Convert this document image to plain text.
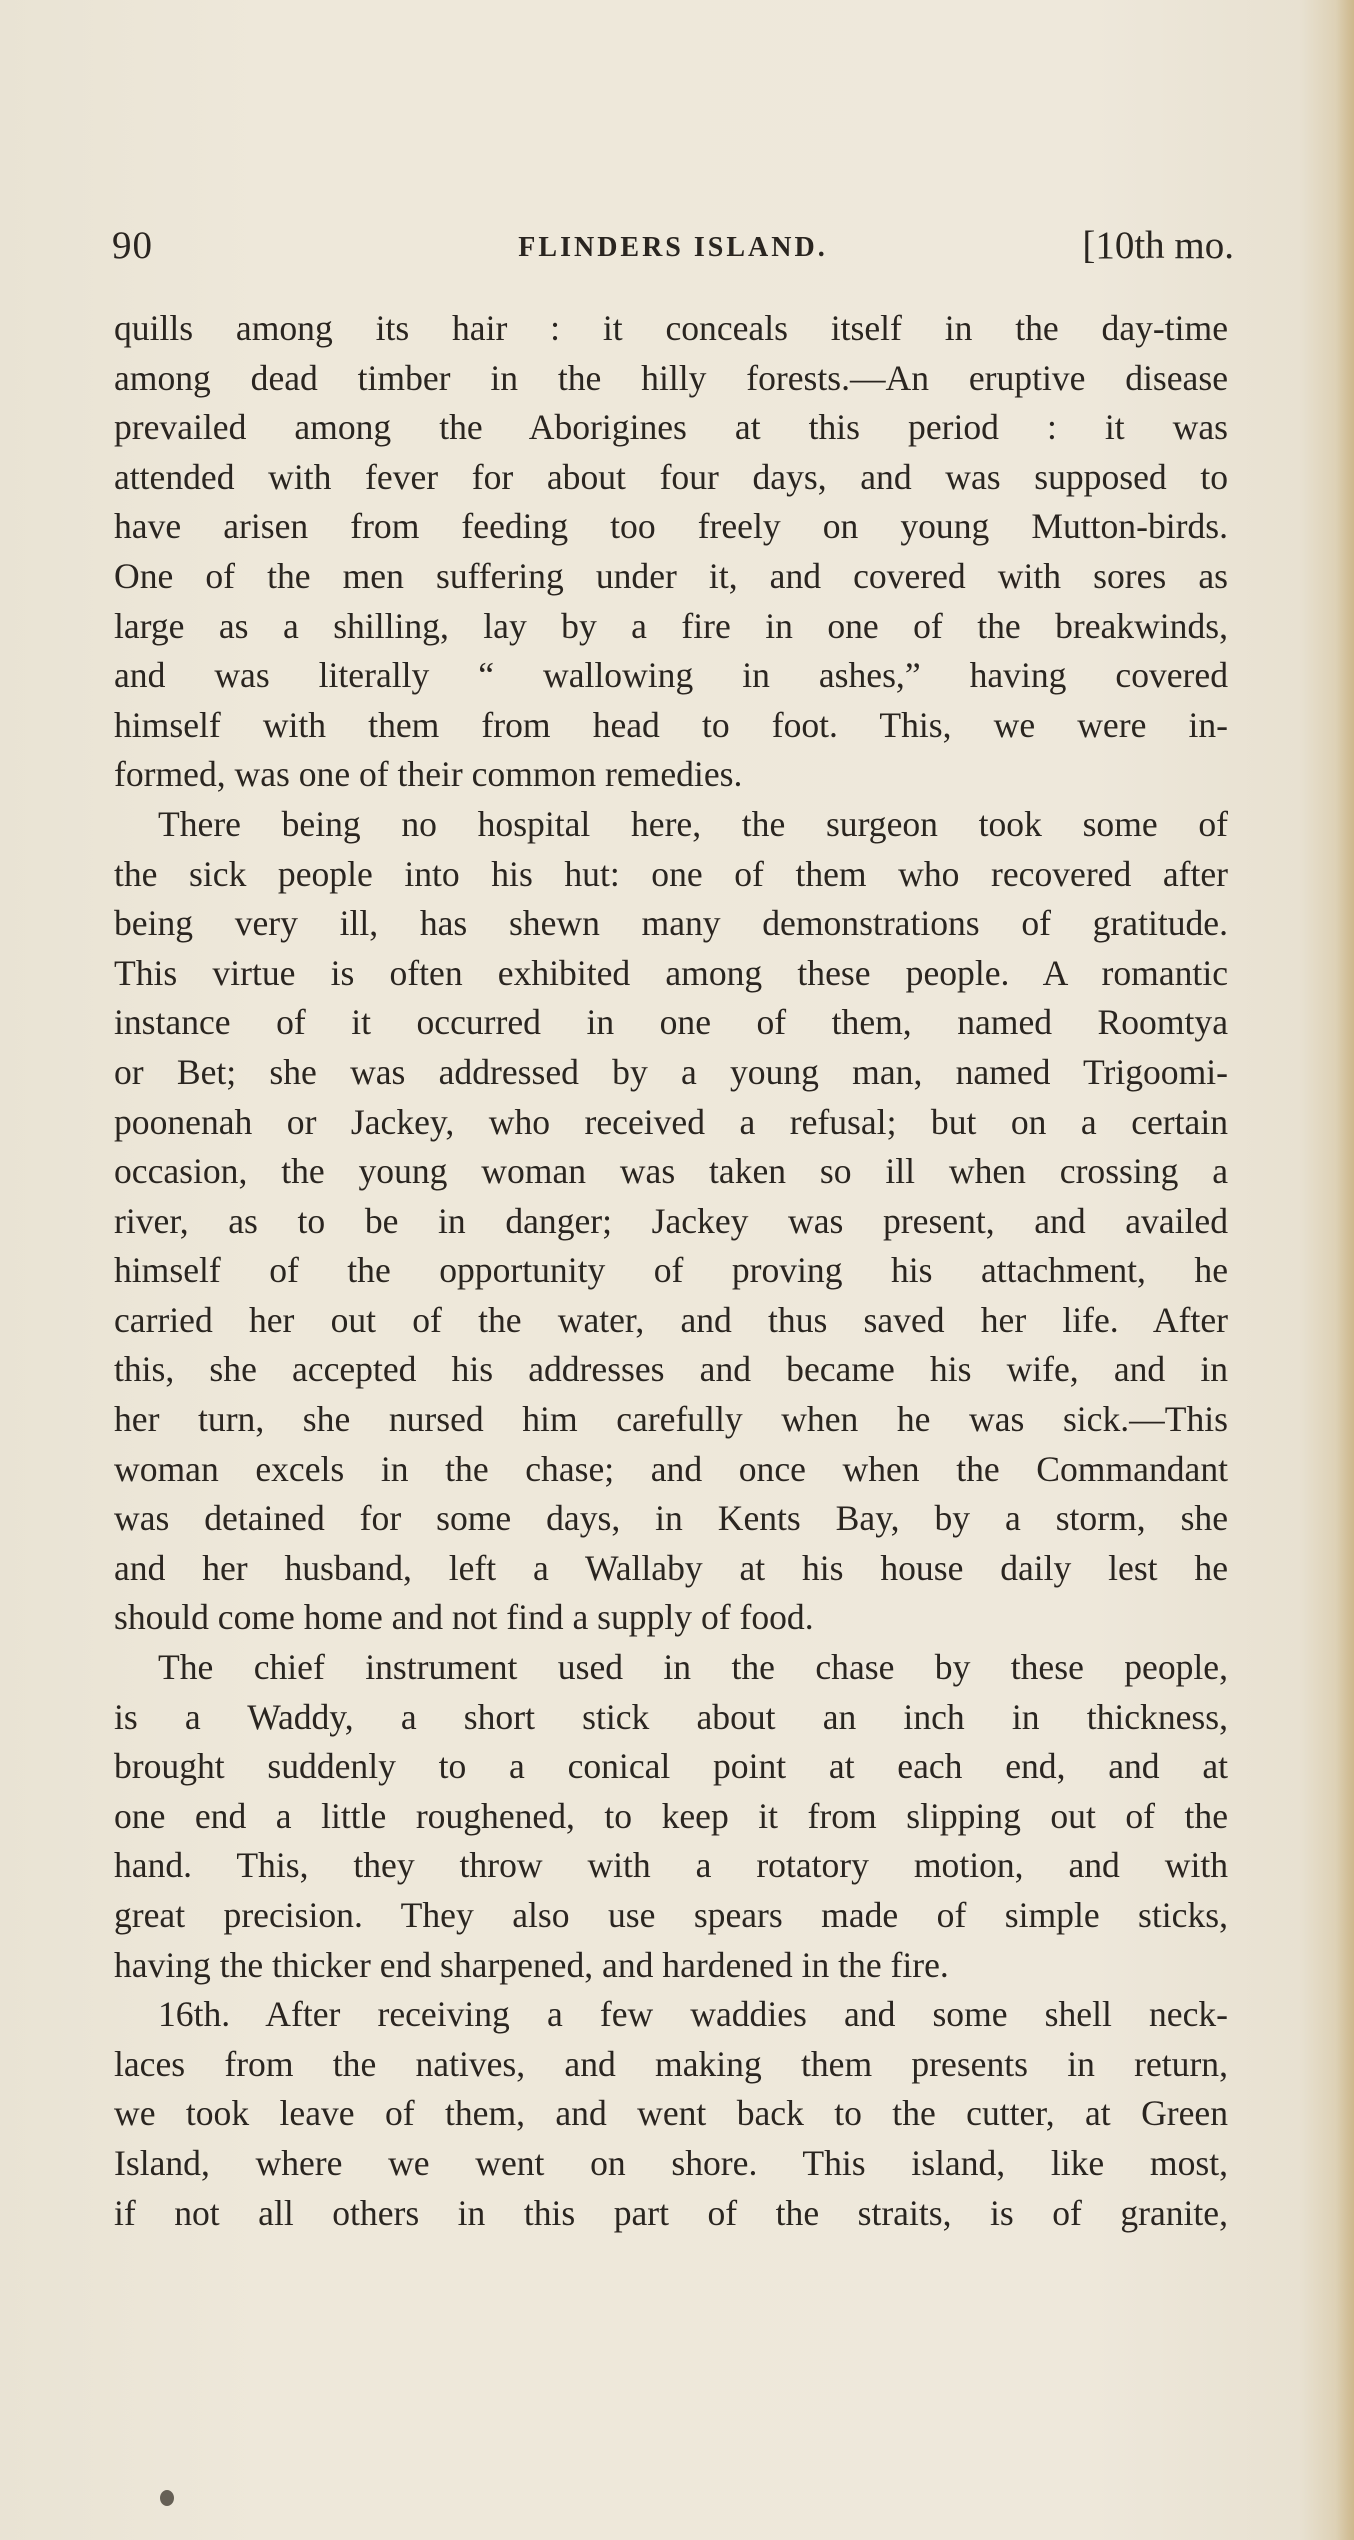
90	FLINDERS ISLAND.	[10th mo.
quills among its hair : it conceals itself in the day-time
among dead timber in the hilly forests.—An eruptive disease
prevailed among the Aborigines at this period : it was
attended with fever for about four days, and was supposed to
have arisen from feeding too freely on young Mutton-birds.
One of the men suffering under it, and covered with sores as
large as a shilling, lay by a fire in one of the breakwinds,
and was literally “ wallowing in ashes,” having covered
himself with them from head to foot. This, we were in-
formed, was one of their common remedies.
There being no hospital here, the surgeon took some of
the sick people into his hut: one of them who recovered after
being very ill, has shewn many demonstrations of gratitude.
This virtue is often exhibited among these people. A romantic
instance of it occurred in one of them, named Roomtya
or Bet; she was addressed by a young man, named Trigoomi-
poonenah or Jackey, who received a refusal; but on a certain
occasion, the young woman was taken so ill when crossing a
river, as to be in danger; Jackey was present, and availed
himself of the opportunity of proving his attachment, he
carried her out of the water, and thus saved her life. After
this, she accepted his addresses and became his wife, and in
her turn, she nursed him carefully when he was sick.—This
woman excels in the chase; and once when the Commandant
was detained for some days, in Kents Bay, by a storm, she
and her husband, left a Wallaby at his house daily lest he
should come home and not find a supply of food.
The chief instrument used in the chase by these people,
is a Waddy, a short stick about an inch in thickness,
brought suddenly to a conical point at each end, and at
one end a little roughened, to keep it from slipping out of the
hand. This, they throw with a rotatory motion, and with
great precision. They also use spears made of simple sticks,
having the thicker end sharpened, and hardened in the fire.
16th. After receiving a few waddies and some shell neck-
laces from the natives, and making them presents in return,
we took leave of them, and went back to the cutter, at Green
Island, where we went on shore. This island, like most,
if not all others in this part of the straits, is of granite,
